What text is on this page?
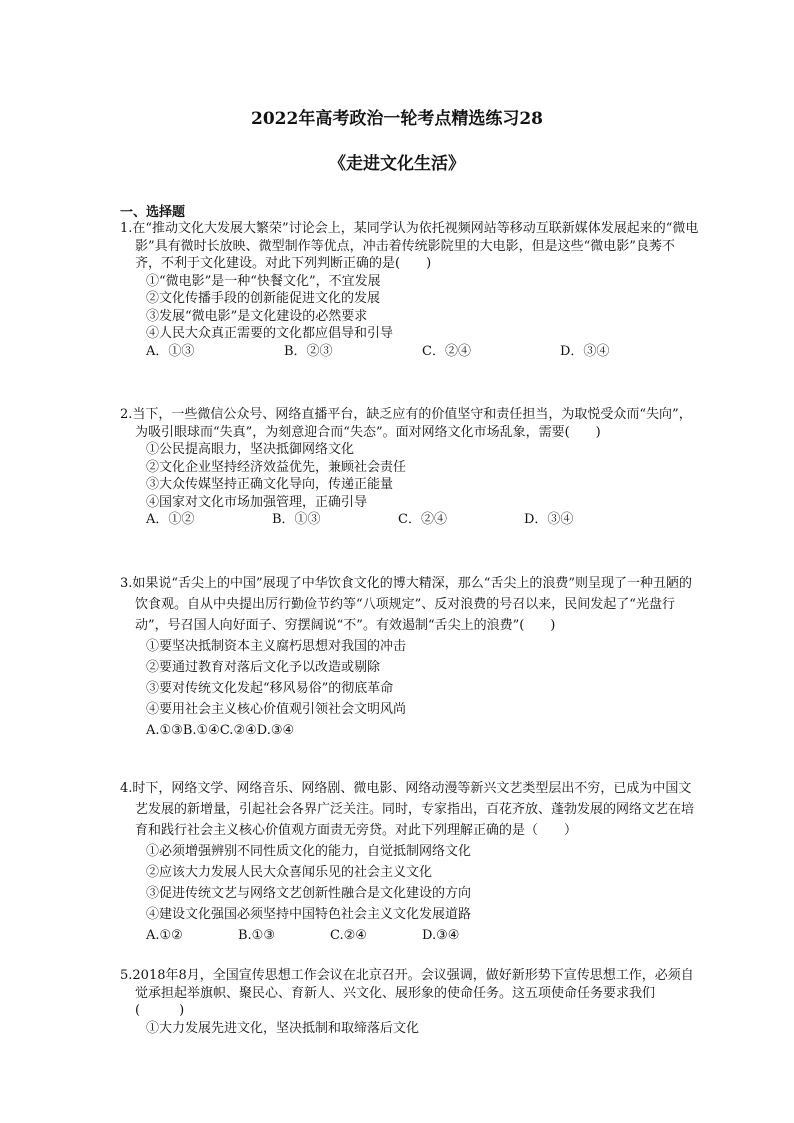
2022年高考政治一轮考点精选练习28
《走进文化生活》
一、选择题

1.在“推动文化大发展大繁荣”讨论会上，某同学认为依托视频网站等移动互联新媒体发展起来的“微电影”具有微时长放映、微型制作等优点，冲击着传统影院里的大电影，但是这些“微电影”良莠不齐，不利于文化建设。对此下列判断正确的是(　　)

①“微电影”是一种“快餐文化”，不宜发展

②文化传播手段的创新能促进文化的发展

③发展“微电影”是文化建设的必然要求

④人民大众真正需要的文化都应倡导和引导

A．①③	B．②③	C．②④	D．③④

2.当下，一些微信公众号、网络直播平台，缺乏应有的价值坚守和责任担当，为取悦受众而“失向”，为吸引眼球而“失真”，为刻意迎合而“失态”。面对网络文化市场乱象，需要(　　)

①公民提高眼力，坚决抵御网络文化

②文化企业坚持经济效益优先，兼顾社会责任

③大众传媒坚持正确文化导向，传递正能量

④国家对文化市场加强管理，正确引导

A．①②	B．①③	C．②④	D．③④

3.如果说“舌尖上的中国”展现了中华饮食文化的博大精深，那么“舌尖上的浪费”则呈现了一种丑陋的饮食观。自从中央提出厉行勤俭节约等“八项规定”、反对浪费的号召以来，民间发起了“光盘行动”，号召国人向好面子、穷摆阔说“不”。有效遏制“舌尖上的浪费”(　　)

①要坚决抵制资本主义腐朽思想对我国的冲击

②要通过教育对落后文化予以改造或剔除

③要对传统文化发起“移风易俗”的彻底革命

④要用社会主义核心价值观引领社会文明风尚

A.①③B.①④C.②④D.③④

4.时下，网络文学、网络音乐、网络剧、微电影、网络动漫等新兴文艺类型层出不穷，已成为中国文艺发展的新增量，引起社会各界广泛关注。同时，专家指出，百花齐放、蓬勃发展的网络文艺在培育和践行社会主义核心价值观方面责无旁贷。对此下列理解正确的是（　　）

①必须增强辨别不同性质文化的能力，自觉抵制网络文化

②应该大力发展人民大众喜闻乐见的社会主义文化

③促进传统文艺与网络文艺创新性融合是文化建设的方向

④建设文化强国必须坚持中国特色社会主义文化发展道路

A.①②	B.①③	C.②④	D.③④

5.2018年8月，全国宣传思想工作会议在北京召开。会议强调，做好新形势下宣传思想工作，必须自觉承担起举旗帜、聚民心、育新人、兴文化、展形象的使命任务。这五项使命任务要求我们(　　　)

①大力发展先进文化，坚决抵制和取缔落后文化
